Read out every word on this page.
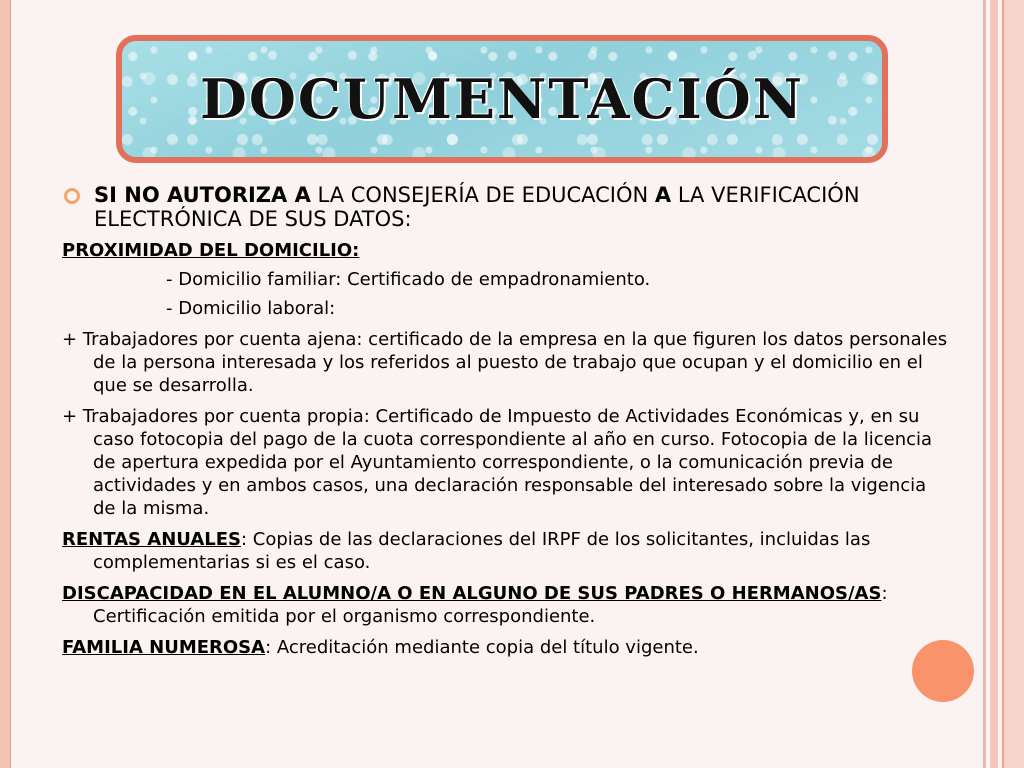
DOCUMENTACIÓN
SI NO AUTORIZA A LA CONSEJERÍA DE EDUCACIÓN A LA VERIFICACIÓN ELECTRÓNICA DE SUS DATOS:

PROXIMIDAD DEL DOMICILIO:

- Domicilio familiar: Certificado de empadronamiento.

- Domicilio laboral:

+ Trabajadores por cuenta ajena: certificado de la empresa en la que figuren los datos personales de la persona interesada y los referidos al puesto de trabajo que ocupan y el domicilio en el que se desarrolla.

+ Trabajadores por cuenta propia: Certificado de Impuesto de Actividades Económicas y, en su caso fotocopia del pago de la cuota correspondiente al año en curso. Fotocopia de la licencia de apertura expedida por el Ayuntamiento correspondiente, o la comunicación previa de actividades y en ambos casos, una declaración responsable del interesado sobre la vigencia de la misma.

RENTAS ANUALES: Copias de las declaraciones del IRPF de los solicitantes, incluidas las complementarias si es el caso.

DISCAPACIDAD EN EL ALUMNO/A O EN ALGUNO DE SUS PADRES O HERMANOS/AS: Certificación emitida por el organismo correspondiente.

FAMILIA NUMEROSA: Acreditación mediante copia del título vigente.
